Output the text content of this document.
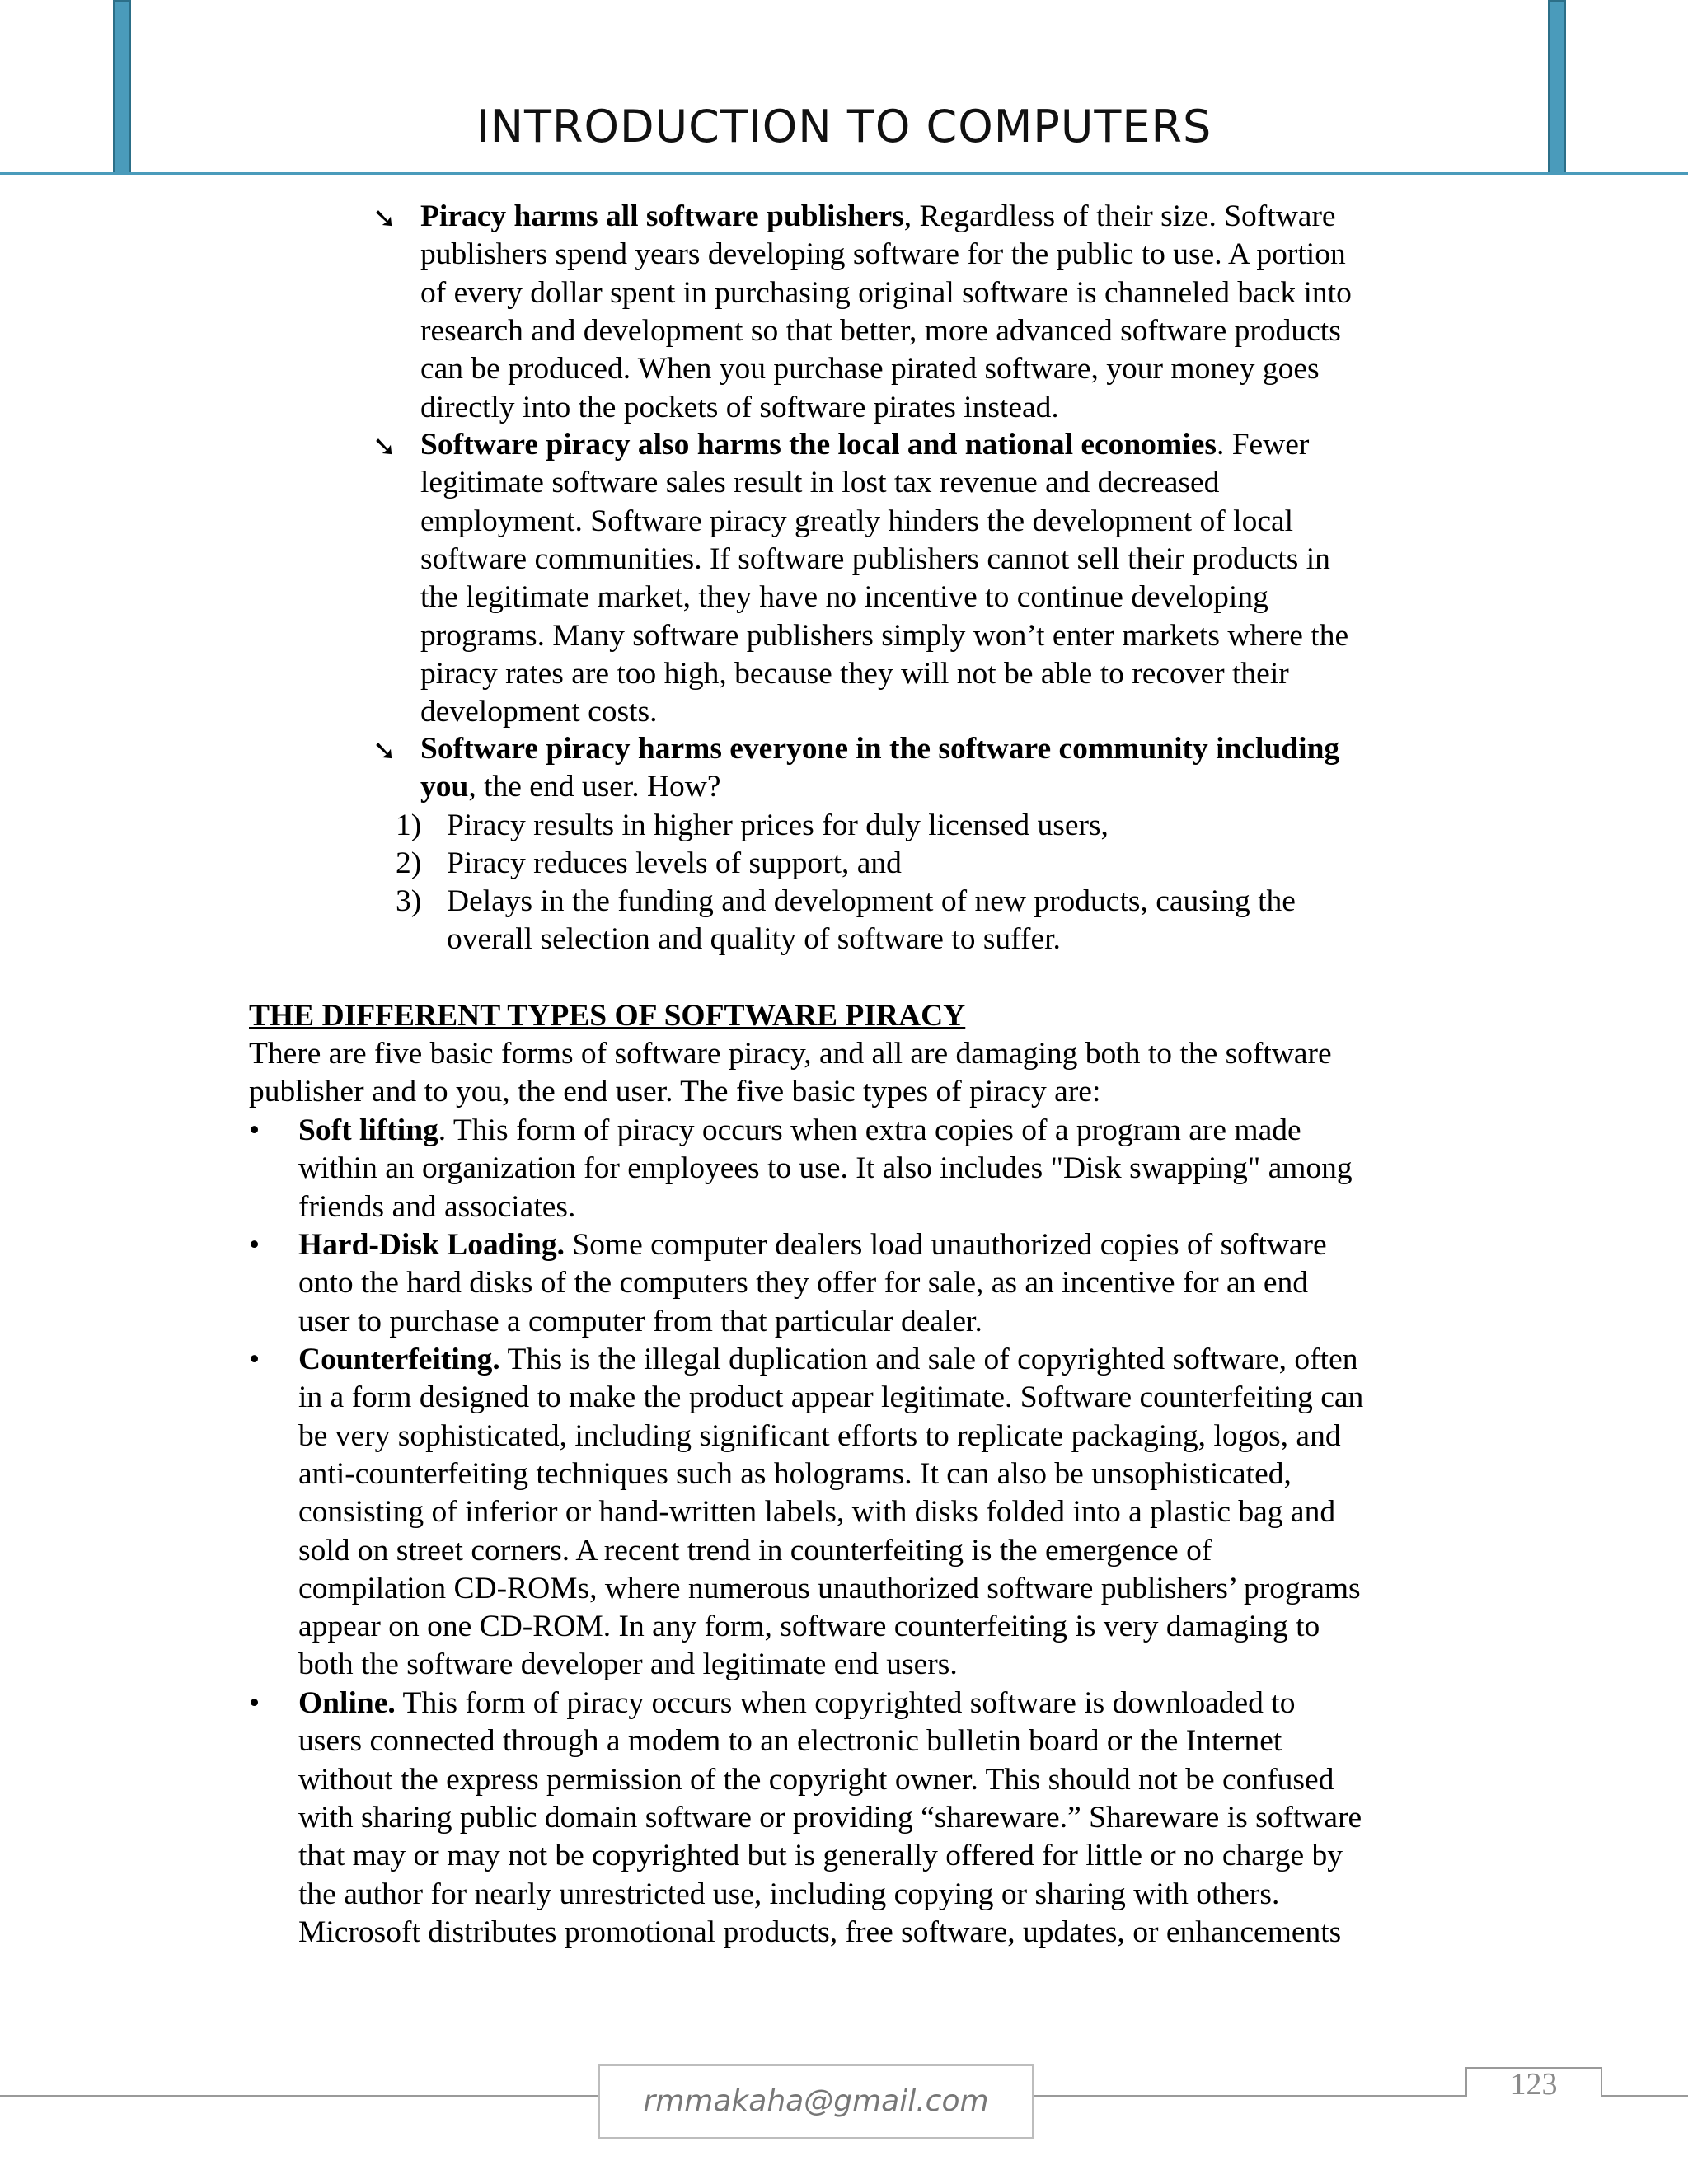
INTRODUCTION TO COMPUTERS
THE DIFFERENT TYPES OF SOFTWARE PIRACY
➘ Piracy harms all software publishers, Regardless of their size. Software
publishers spend years developing software for the public to use. A portion
of every dollar spent in purchasing original software is channeled back into
research and development so that better, more advanced software products
can be produced. When you purchase pirated software, your money goes
directly into the pockets of software pirates instead.
➘ Software piracy also harms the local and national economies. Fewer
legitimate software sales result in lost tax revenue and decreased
employment. Software piracy greatly hinders the development of local
software communities. If software publishers cannot sell their products in
the legitimate market, they have no incentive to continue developing
programs. Many software publishers simply won’t enter markets where the
piracy rates are too high, because they will not be able to recover their
development costs.
➘ Software piracy harms everyone in the software community including
you, the end user. How?
1) Piracy results in higher prices for duly licensed users,
2) Piracy reduces levels of support, and
3) Delays in the funding and development of new products, causing the
overall selection and quality of software to suffer.
There are five basic forms of software piracy, and all are damaging both to the software
publisher and to you, the end user. The five basic types of piracy are:
• Soft lifting. This form of piracy occurs when extra copies of a program are made
within an organization for employees to use. It also includes "Disk swapping" among
friends and associates.
• Hard-Disk Loading. Some computer dealers load unauthorized copies of software
onto the hard disks of the computers they offer for sale, as an incentive for an end
user to purchase a computer from that particular dealer.
• Counterfeiting. This is the illegal duplication and sale of copyrighted software, often
in a form designed to make the product appear legitimate. Software counterfeiting can
be very sophisticated, including significant efforts to replicate packaging, logos, and
anti-counterfeiting techniques such as holograms. It can also be unsophisticated,
consisting of inferior or hand-written labels, with disks folded into a plastic bag and
sold on street corners. A recent trend in counterfeiting is the emergence of
compilation CD-ROMs, where numerous unauthorized software publishers’ programs
appear on one CD-ROM. In any form, software counterfeiting is very damaging to
both the software developer and legitimate end users.
• Online. This form of piracy occurs when copyrighted software is downloaded to
users connected through a modem to an electronic bulletin board or the Internet
without the express permission of the copyright owner. This should not be confused
with sharing public domain software or providing “shareware.” Shareware is software
that may or may not be copyrighted but is generally offered for little or no charge by
the author for nearly unrestricted use, including copying or sharing with others.
Microsoft distributes promotional products, free software, updates, or enhancements
rmmakaha@gmail.com	123
